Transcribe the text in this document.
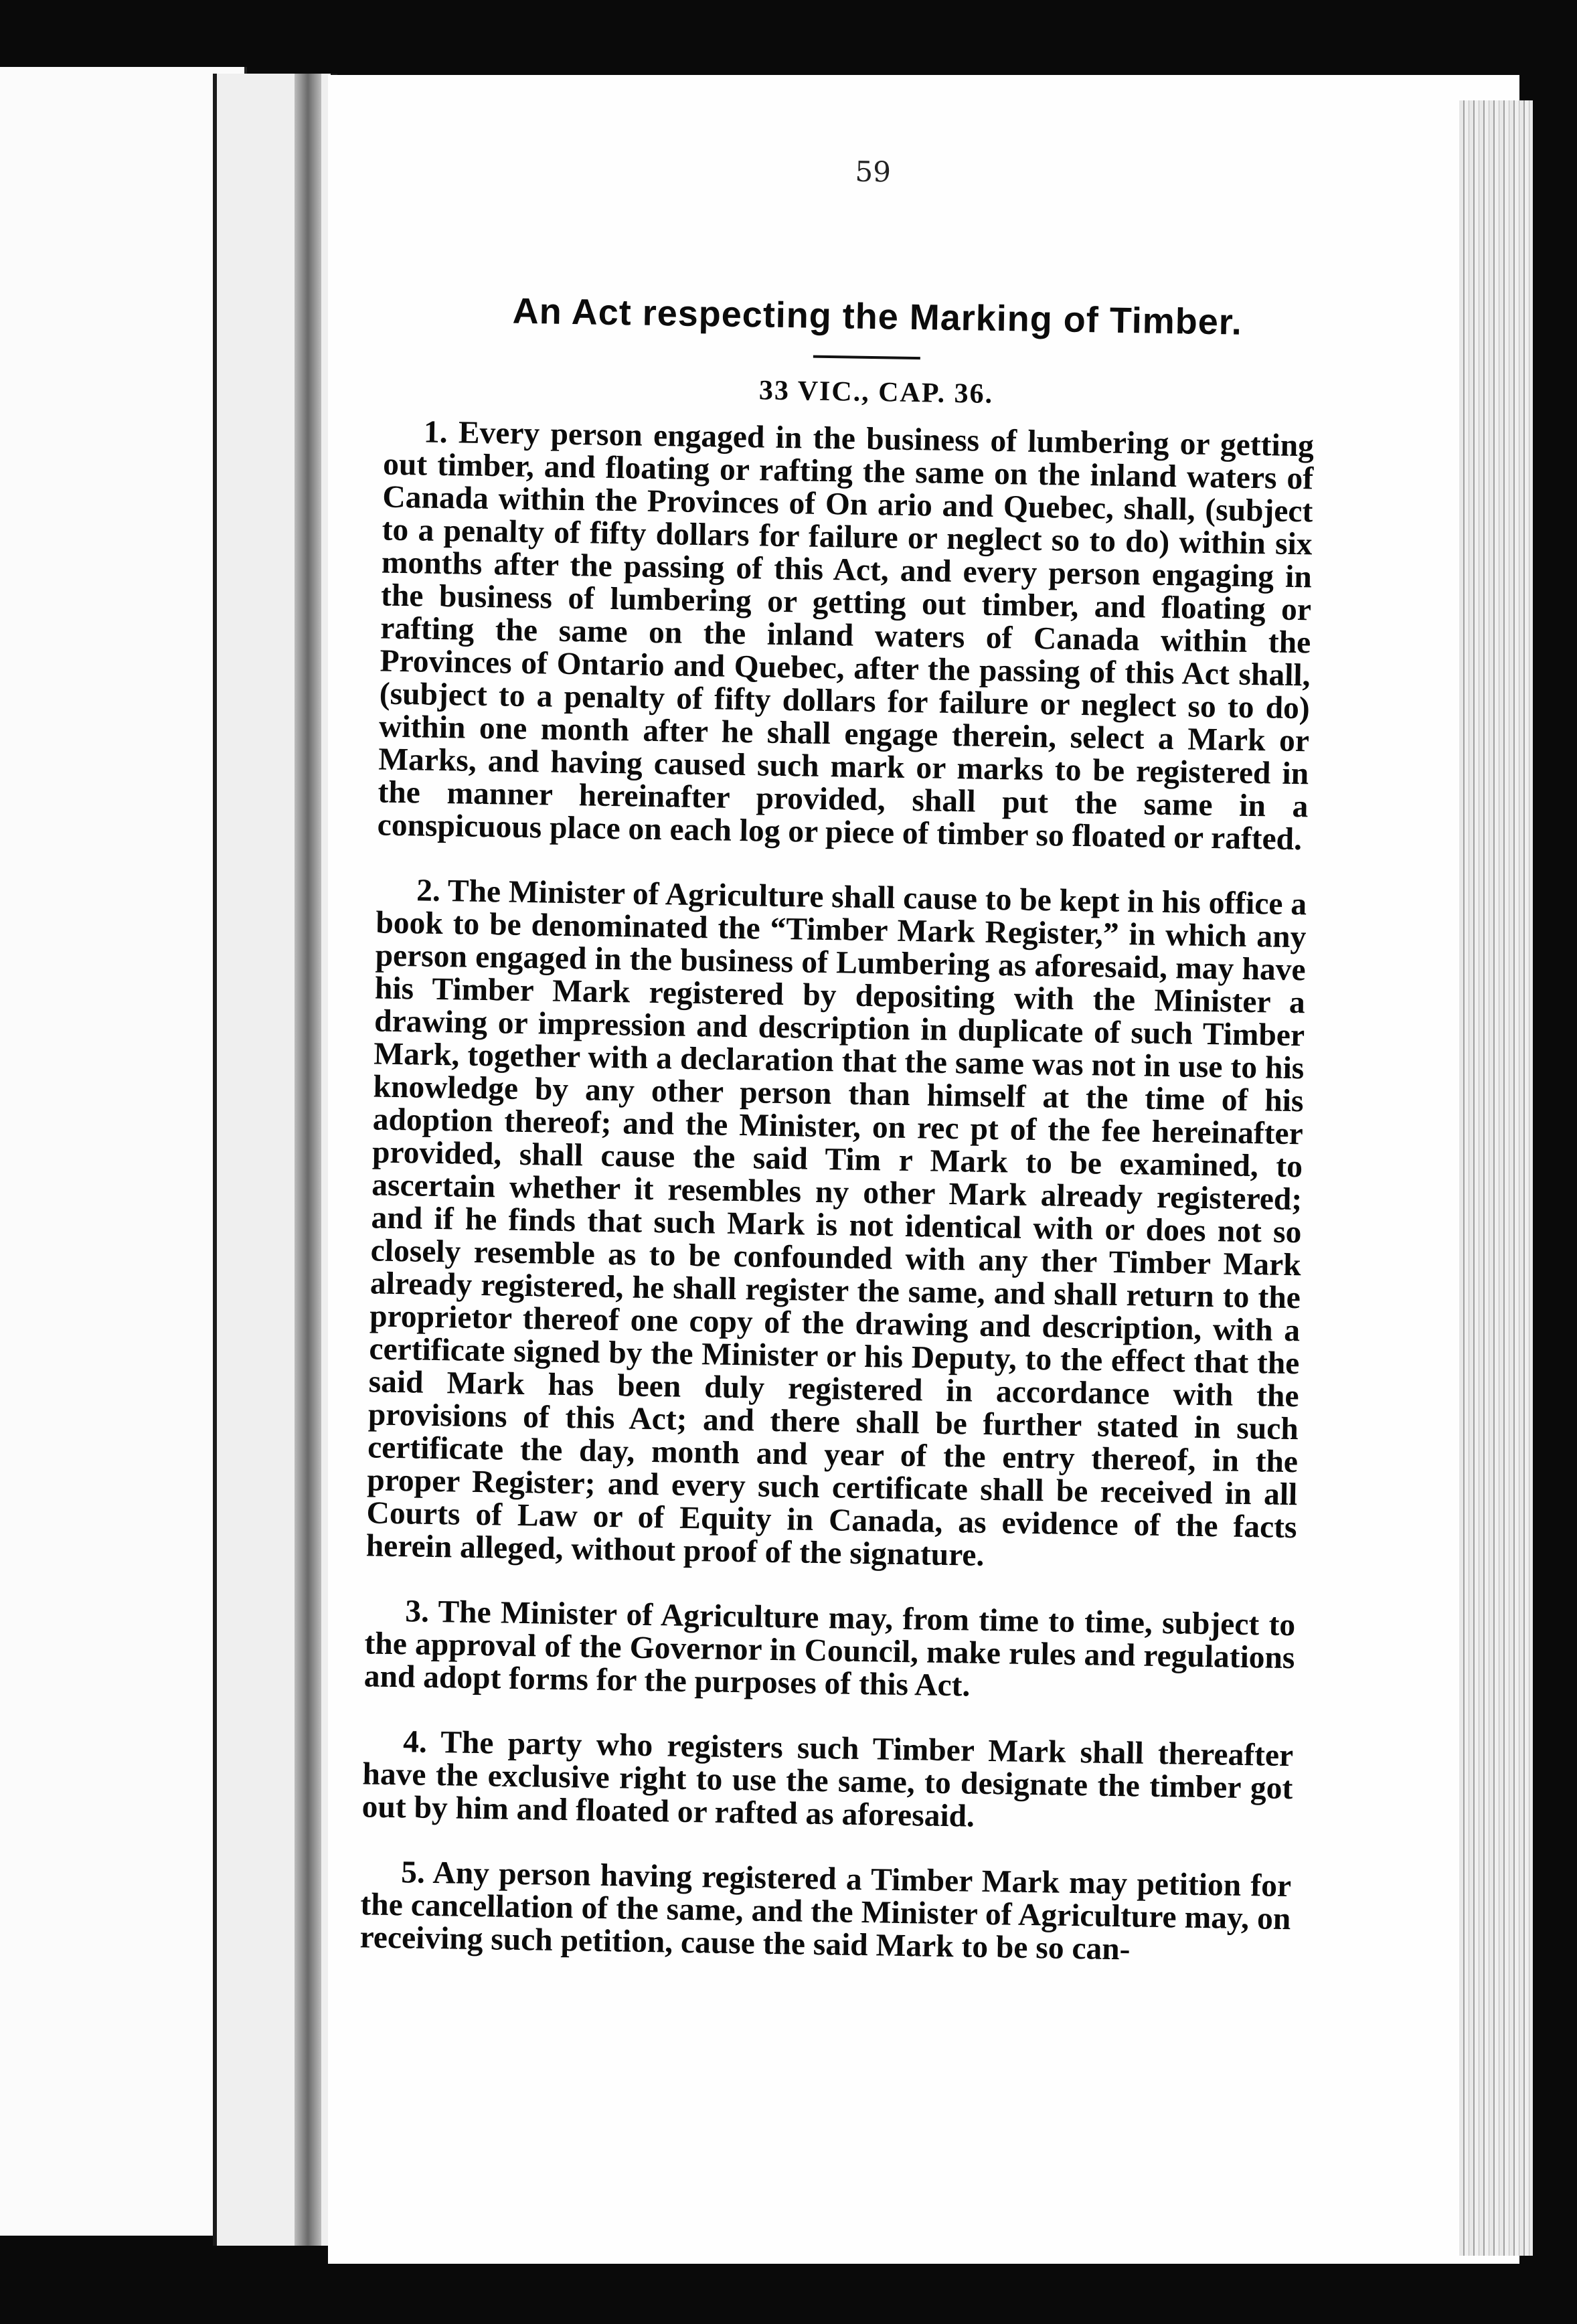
59
An Act respecting the Marking of Timber.
33 VIC., CAP. 36.

1. Every person engaged in the business of lumbering or getting out timber, and floating or rafting the same on the inland waters of Canada within the Provinces of On ario and Quebec, shall, (subject to a penalty of fifty dollars for failure or neglect so to do) within six months after the passing of this Act, and every person engaging in the business of lumbering or getting out timber, and floating or rafting the same on the inland waters of Canada within the Provinces of Ontario and Quebec, after the passing of this Act shall, (subject to a penalty of fifty dollars for failure or neglect so to do) within one month after he shall engage therein, select a Mark or Marks, and having caused such mark or marks to be registered in the manner hereinafter provided, shall put the same in a conspicuous place on each log or piece of timber so floated or rafted.

2. The Minister of Agriculture shall cause to be kept in his office a book to be denominated the “Timber Mark Register,” in which any person engaged in the business of Lumbering as aforesaid, may have his Timber Mark registered by depositing with the Minister a drawing or impression and description in duplicate of such Timber Mark, together with a declaration that the same was not in use to his knowledge by any other person than himself at the time of his adoption thereof; and the Minister, on rec pt of the fee hereinafter provided, shall cause the said Tim r Mark to be examined, to ascertain whether it resembles ny other Mark already registered; and if he finds that such Mark is not identical with or does not so closely resemble as to be confounded with any ther Timber Mark already registered, he shall register the same, and shall return to the proprietor thereof one copy of the drawing and description, with a certificate signed by the Minister or his Deputy, to the effect that the said Mark has been duly registered in accordance with the provisions of this Act; and there shall be further stated in such certificate the day, month and year of the entry thereof, in the proper Register; and every such certificate shall be received in all Courts of Law or of Equity in Canada, as evidence of the facts herein alleged, without proof of the signature.

3. The Minister of Agriculture may, from time to time, subject to the approval of the Governor in Council, make rules and regulations and adopt forms for the purposes of this Act.

4. The party who registers such Timber Mark shall thereafter have the exclusive right to use the same, to designate the timber got out by him and floated or rafted as aforesaid.

5. Any person having registered a Timber Mark may petition for the cancellation of the same, and the Minister of Agriculture may, on receiving such petition, cause the said Mark to be so can-
